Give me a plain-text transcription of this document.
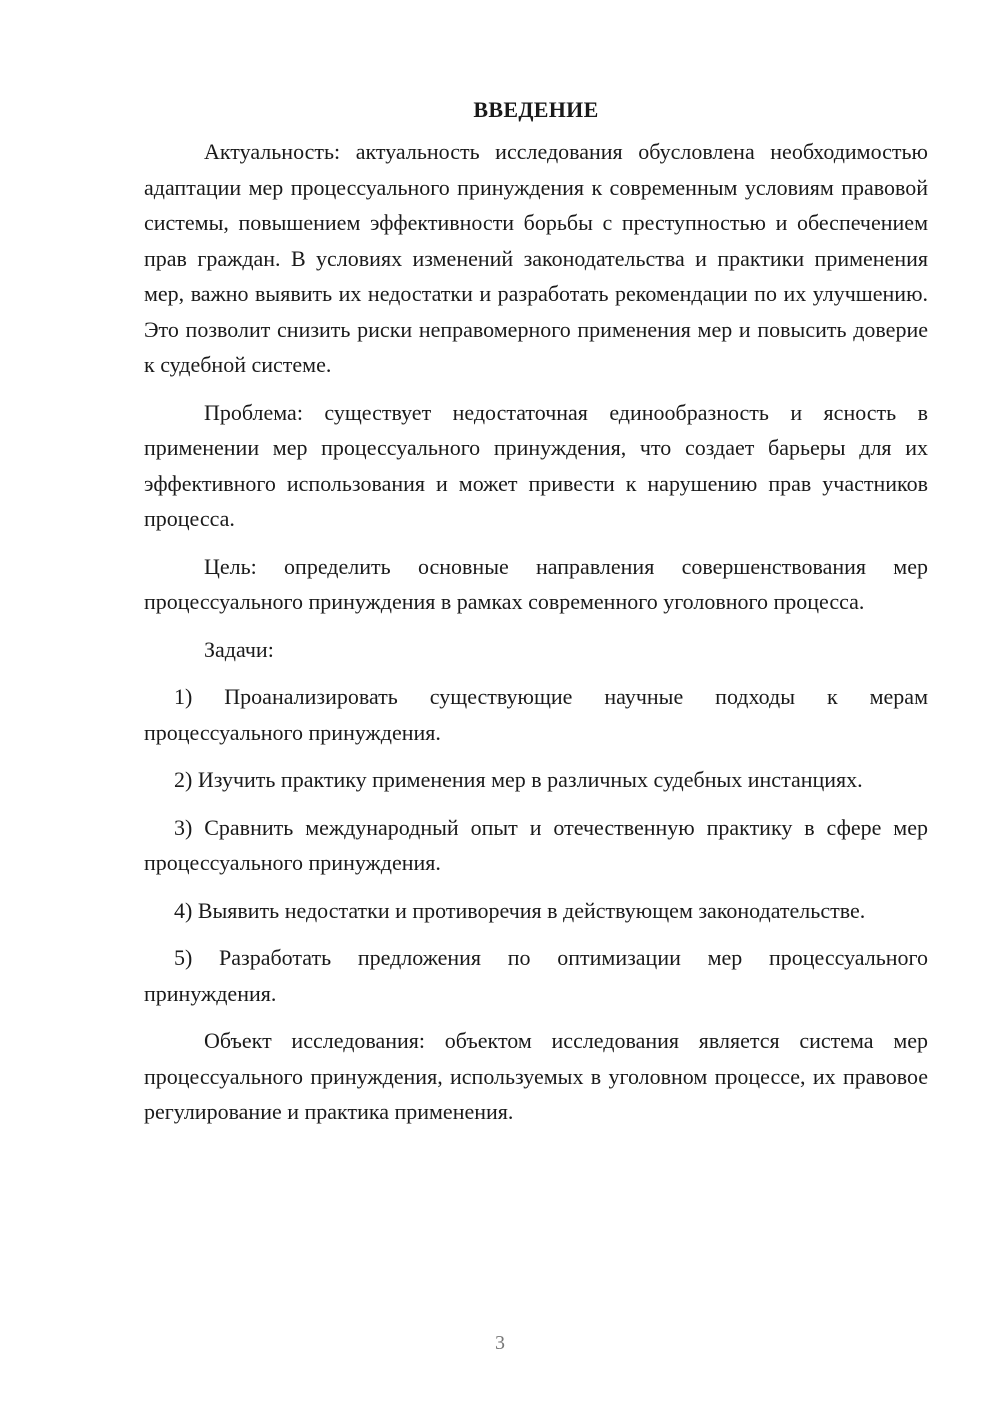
ВВЕДЕНИЕ

Актуальность: актуальность исследования обусловлена необходимостью адаптации мер процессуального принуждения к современным условиям правовой системы, повышением эффективности борьбы с преступностью и обеспечением прав граждан. В условиях изменений законодательства и практики применения мер, важно выявить их недостатки и разработать рекомендации по их улучшению. Это позволит снизить риски неправомерного применения мер и повысить доверие к судебной системе.

Проблема: существует недостаточная единообразность и ясность в применении мер процессуального принуждения, что создает барьеры для их эффективного использования и может привести к нарушению прав участников процесса.

Цель: определить основные направления совершенствования мер процессуального принуждения в рамках современного уголовного процесса.

Задачи:

1) Проанализировать существующие научные подходы к мерам процессуального принуждения.

2) Изучить практику применения мер в различных судебных инстанциях.

3) Сравнить международный опыт и отечественную практику в сфере мер процессуального принуждения.

4) Выявить недостатки и противоречия в действующем законодательстве.

5) Разработать предложения по оптимизации мер процессуального принуждения.

Объект исследования: объектом исследования является система мер процессуального принуждения, используемых в уголовном процессе, их правовое регулирование и практика применения.

3
